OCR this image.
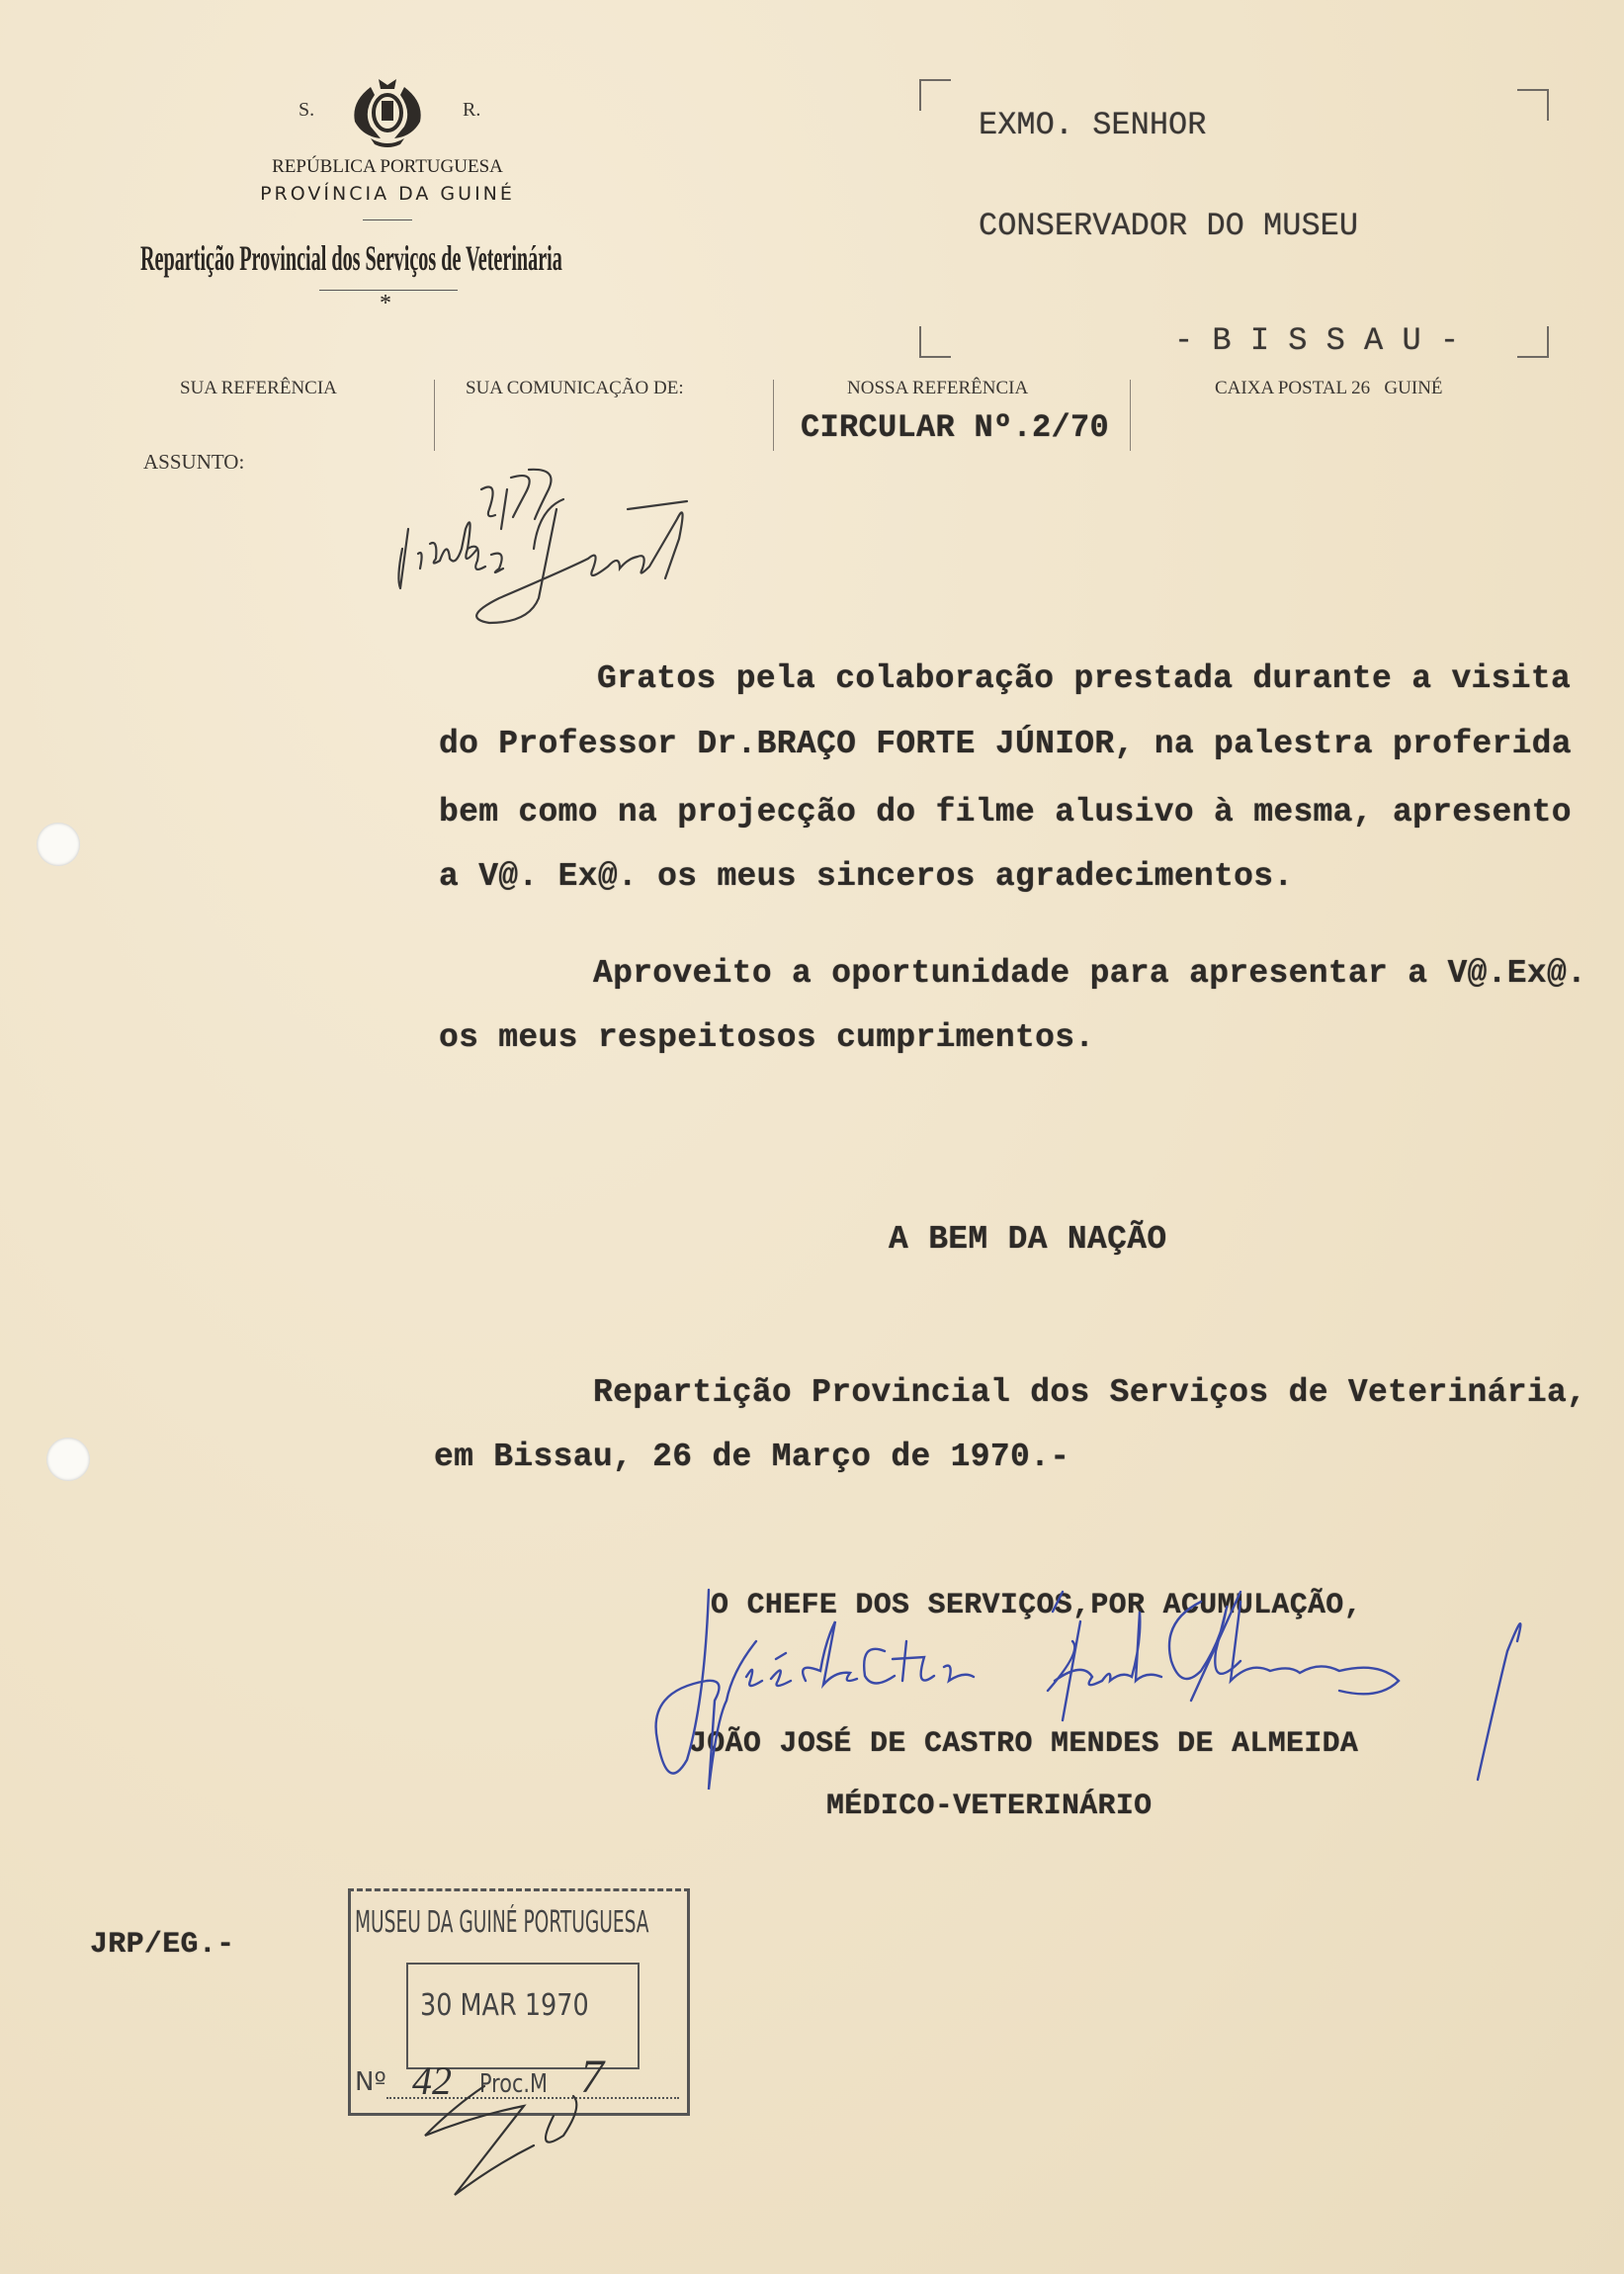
S.	R.
REPÚBLICA PORTUGUESA
PROVÍNCIA DA GUINÉ
Repartição Provincial dos Serviços de Veterinária
*
EXMO. SENHOR
CONSERVADOR DO MUSEU
- B I S S A U -
SUA REFERÊNCIA	SUA COMUNICAÇÃO DE:	NOSSA REFERÊNCIA
CIRCULAR Nº.2/70
CAIXA POSTAL 26   GUINÉ
ASSUNTO:
Gratos pela colaboração prestada durante a visita
do Professor Dr.BRAÇO FORTE JÚNIOR, na palestra proferida
bem como na projecção do filme alusivo à mesma, apresento
a V@. Ex@. os meus sinceros agradecimentos.
Aproveito a oportunidade para apresentar a V@.Ex@.
os meus respeitosos cumprimentos.
A BEM DA NAÇÃO
Repartição Provincial dos Serviços de Veterinária,
em Bissau, 26 de Março de 1970.-
O CHEFE DOS SERVIÇOS,POR ACUMULAÇÃO,
JOÃO JOSÉ DE CASTRO MENDES DE ALMEIDA
MÉDICO-VETERINÁRIO
JRP/EG.-
MUSEU DA GUINÉ PORTUGUESA
30 MAR 1970
Nº 42 Proc.M 7
